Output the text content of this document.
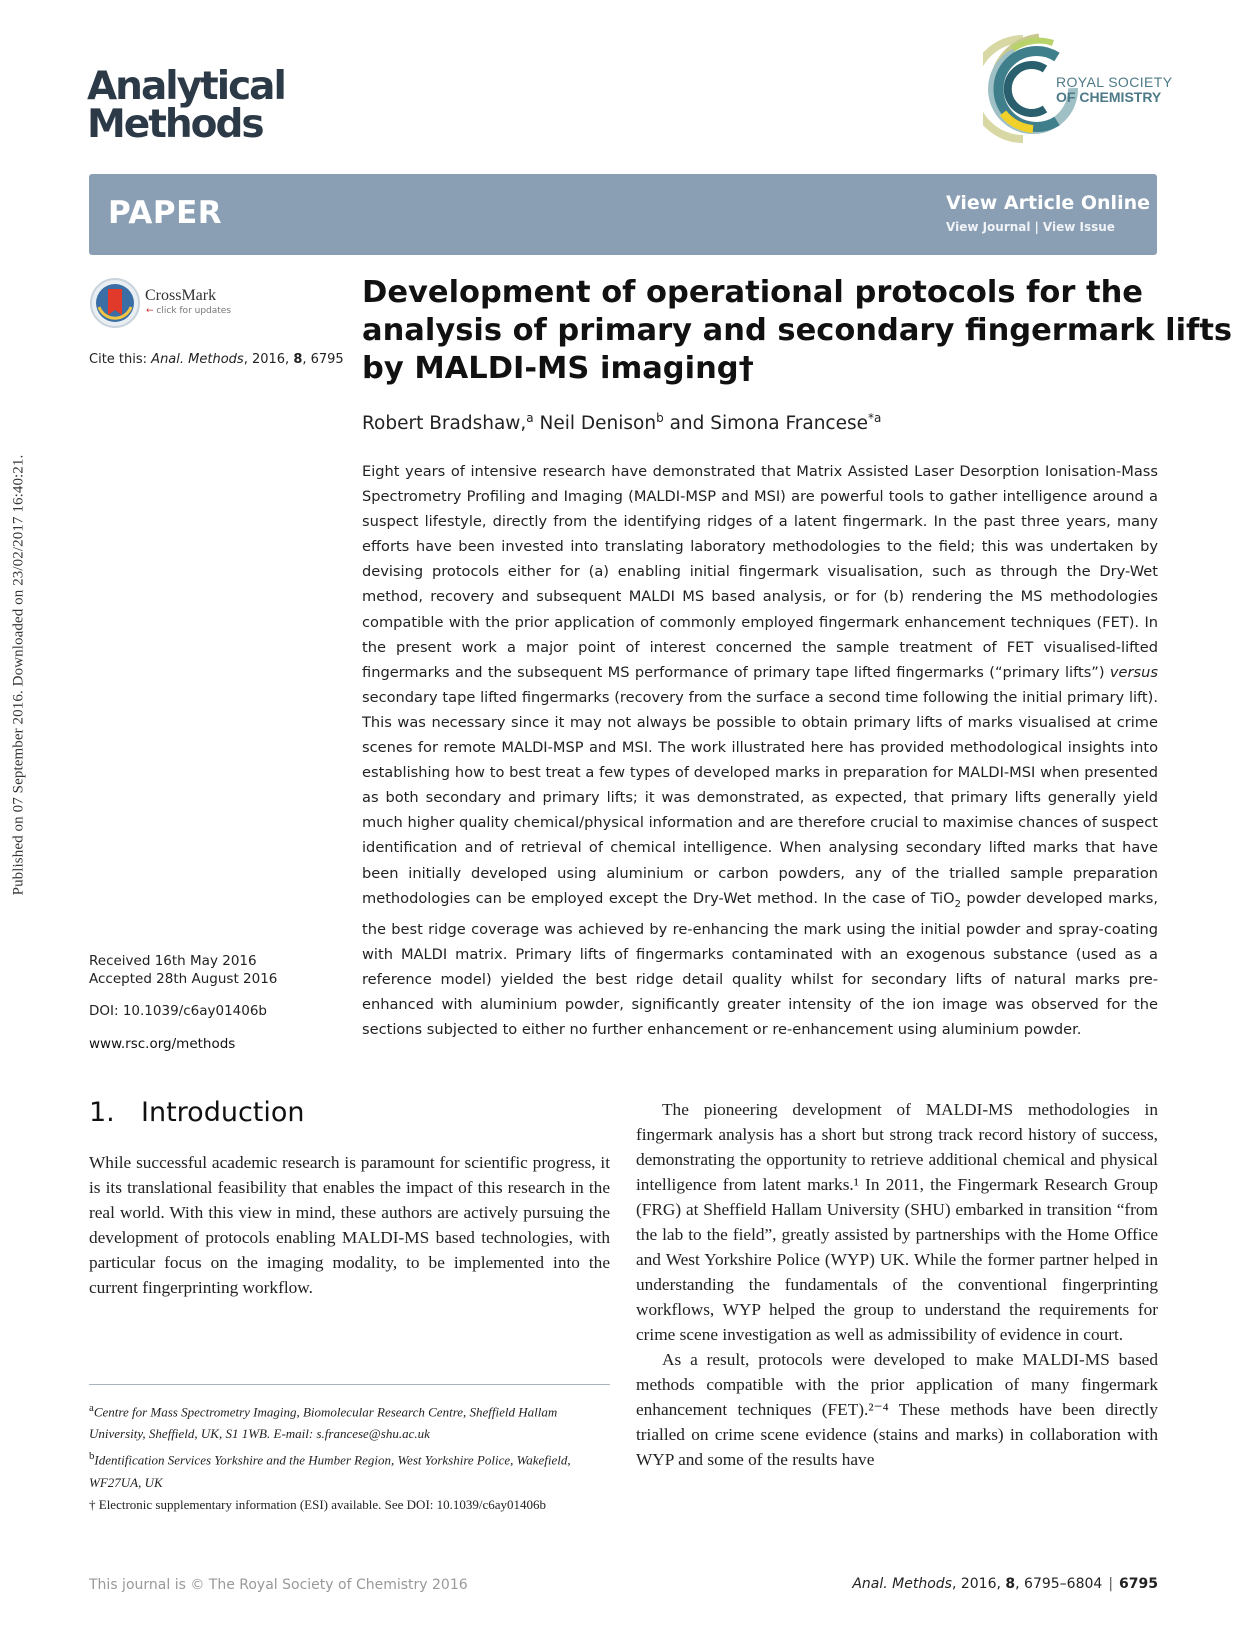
Published on 07 September 2016. Downloaded on 23/02/2017 16:40:21.
Analytical
Methods
ROYAL SOCIETY
OF CHEMISTRY
PAPER	View Article Online
View Journal | View Issue
CrossMark
← click for updates
Cite this: Anal. Methods, 2016, 8, 6795
Development of operational protocols for the
analysis of primary and secondary fingermark lifts
by MALDI-MS imaging†
Robert Bradshaw,$^a$ Neil Denison$^b$ and Simona Francese$^{*a}$
Eight years of intensive research have demonstrated that Matrix Assisted Laser Desorption Ionisation-Mass Spectrometry Profiling and Imaging (MALDI-MSP and MSI) are powerful tools to gather intelligence around a suspect lifestyle, directly from the identifying ridges of a latent fingermark. In the past three years, many efforts have been invested into translating laboratory methodologies to the field; this was undertaken by devising protocols either for (a) enabling initial fingermark visualisation, such as through the Dry-Wet method, recovery and subsequent MALDI MS based analysis, or for (b) rendering the MS methodologies compatible with the prior application of commonly employed fingermark enhancement techniques (FET). In the present work a major point of interest concerned the sample treatment of FET visualised-lifted fingermarks and the subsequent MS performance of primary tape lifted fingermarks (“primary lifts”) versus secondary tape lifted fingermarks (recovery from the surface a second time following the initial primary lift). This was necessary since it may not always be possible to obtain primary lifts of marks visualised at crime scenes for remote MALDI-MSP and MSI. The work illustrated here has provided methodological insights into establishing how to best treat a few types of developed marks in preparation for MALDI-MSI when presented as both secondary and primary lifts; it was demonstrated, as expected, that primary lifts generally yield much higher quality chemical/physical information and are therefore crucial to maximise chances of suspect identification and of retrieval of chemical intelligence. When analysing secondary lifted marks that have been initially developed using aluminium or carbon powders, any of the trialled sample preparation methodologies can be employed except the Dry-Wet method. In the case of TiO$_2$ powder developed marks, the best ridge coverage was achieved by re-enhancing the mark using the initial powder and spray-coating with MALDI matrix. Primary lifts of fingermarks contaminated with an exogenous substance (used as a reference model) yielded the best ridge detail quality whilst for secondary lifts of natural marks pre-enhanced with aluminium powder, significantly greater intensity of the ion image was observed for the sections subjected to either no further enhancement or re-enhancement using aluminium powder.
Received 16th May 2016
Accepted 28th August 2016
DOI: 10.1039/c6ay01406b
www.rsc.org/methods
1. Introduction
While successful academic research is paramount for scientific progress, it is its translational feasibility that enables the impact of this research in the real world. With this view in mind, these authors are actively pursuing the development of protocols enabling MALDI-MS based technologies, with particular focus on the imaging modality, to be implemented into the current fingerprinting workflow.

The pioneering development of MALDI-MS methodologies in fingermark analysis has a short but strong track record history of success, demonstrating the opportunity to retrieve additional chemical and physical intelligence from latent marks.¹ In 2011, the Fingermark Research Group (FRG) at Sheffield Hallam University (SHU) embarked in transition “from the lab to the field”, greatly assisted by partnerships with the Home Office and West Yorkshire Police (WYP) UK. While the former partner helped in understanding the fundamentals of the conventional fingerprinting workflows, WYP helped the group to understand the requirements for crime scene investigation as well as admissibility of evidence in court.

As a result, protocols were developed to make MALDI-MS based methods compatible with the prior application of many fingermark enhancement techniques (FET).²⁻⁴ These methods have been directly trialled on crime scene evidence (stains and marks) in collaboration with WYP and some of the results have

$^a$Centre for Mass Spectrometry Imaging, Biomolecular Research Centre, Sheffield Hallam University, Sheffield, UK, S1 1WB. E-mail: s.francese@shu.ac.uk

$^b$Identification Services Yorkshire and the Humber Region, West Yorkshire Police, Wakefield, WF27UA, UK

† Electronic supplementary information (ESI) available. See DOI: 10.1039/c6ay01406b

This journal is © The Royal Society of Chemistry 2016	Anal. Methods, 2016, 8, 6795–6804 | 6795
